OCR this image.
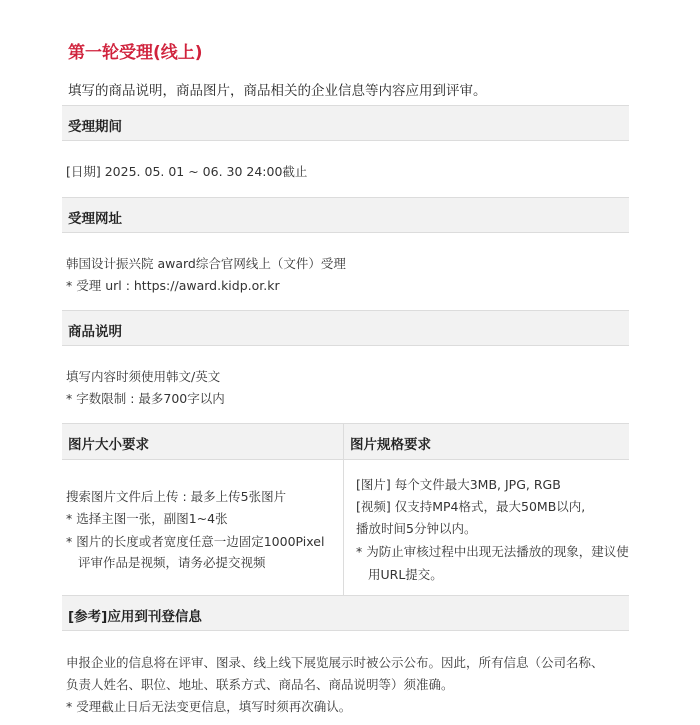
第一轮受理(线上)
填写的商品说明，商品图片，商品相关的企业信息等内容应用到评审。
受理期间
[日期] 2025. 05. 01 ~ 06. 30 24:00截止
受理网址
韩国设计振兴院 award综合官网线上（文件）受理
* 受理 url : https://award.kidp.or.kr
商品说明
填写内容时须使用韩文/英文
* 字数限制 : 最多700字以内
图片大小要求	图片规格要求
搜索图片文件后上传 : 最多上传5张图片
* 选择主图一张，副图1~4张
* 图片的长度或者宽度任意一边固定1000Pixel
评审作品是视频，请务必提交视频
[图片] 每个文件最大3MB, JPG, RGB
[视频] 仅支持MP4格式，最大50MB以内,
播放时间5分钟以内。
* 为防止审核过程中出现无法播放的现象，建议使
用URL提交。
[参考]应用到刊登信息
申报企业的信息将在评审、图录、线上线下展览展示时被公示公布。因此，所有信息（公司名称、
负责人姓名、职位、地址、联系方式、商品名、商品说明等）须准确。
* 受理截止日后无法变更信息，填写时须再次确认。
